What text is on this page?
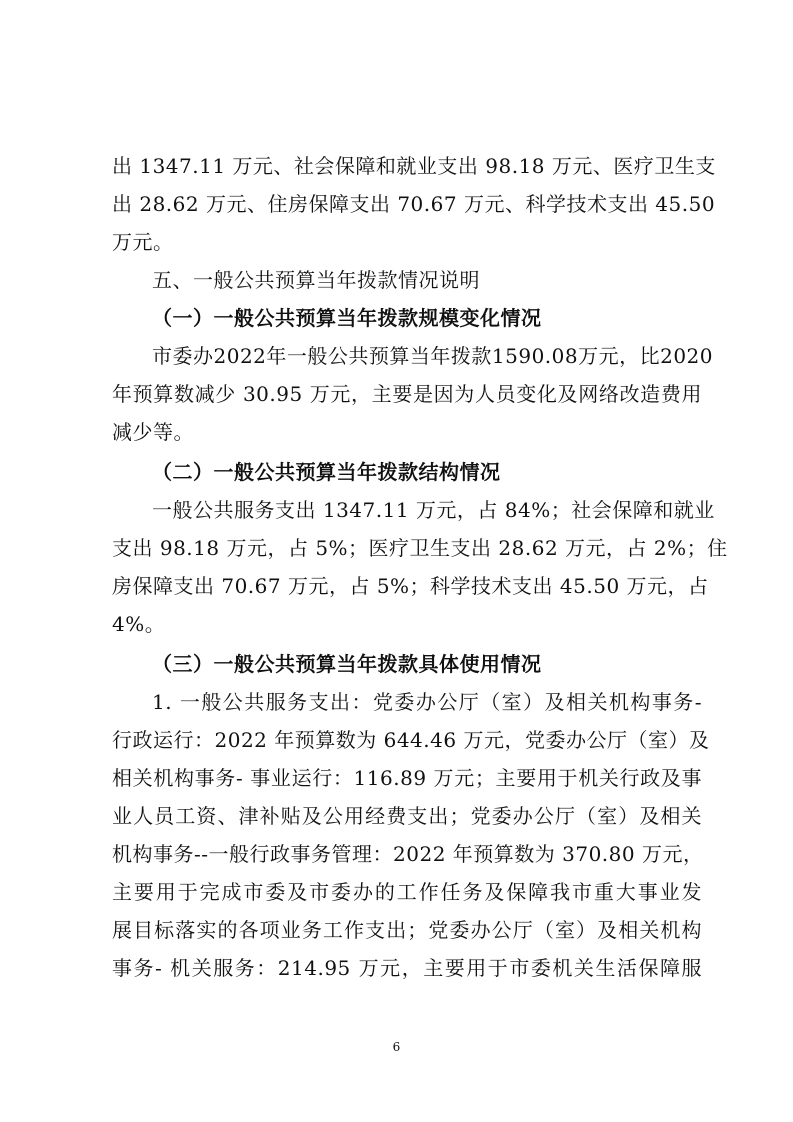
出 1347.11 万元、社会保障和就业支出 98.18 万元、医疗卫生支
出 28.62 万元、住房保障支出 70.67 万元、科学技术支出 45.50
万元。
五、一般公共预算当年拨款情况说明
（一）一般公共预算当年拨款规模变化情况
市委办2022年一般公共预算当年拨款1590.08万元，比2020
年预算数减少 30.95 万元，主要是因为人员变化及网络改造费用
减少等。
（二）一般公共预算当年拨款结构情况
一般公共服务支出 1347.11 万元，占 84%；社会保障和就业
支出 98.18 万元，占 5%；医疗卫生支出 28.62 万元，占 2%；住
房保障支出 70.67 万元，占 5%；科学技术支出 45.50 万元，占
4%。
（三）一般公共预算当年拨款具体使用情况
1. 一般公共服务支出：党委办公厅（室）及相关机构事务-
行政运行：2022 年预算数为 644.46 万元，党委办公厅（室）及
相关机构事务- 事业运行：116.89 万元；主要用于机关行政及事
业人员工资、津补贴及公用经费支出；党委办公厅（室）及相关
机构事务--一般行政事务管理：2022 年预算数为 370.80 万元，
主要用于完成市委及市委办的工作任务及保障我市重大事业发
展目标落实的各项业务工作支出；党委办公厅（室）及相关机构
事务- 机关服务：214.95 万元，主要用于市委机关生活保障服
6
